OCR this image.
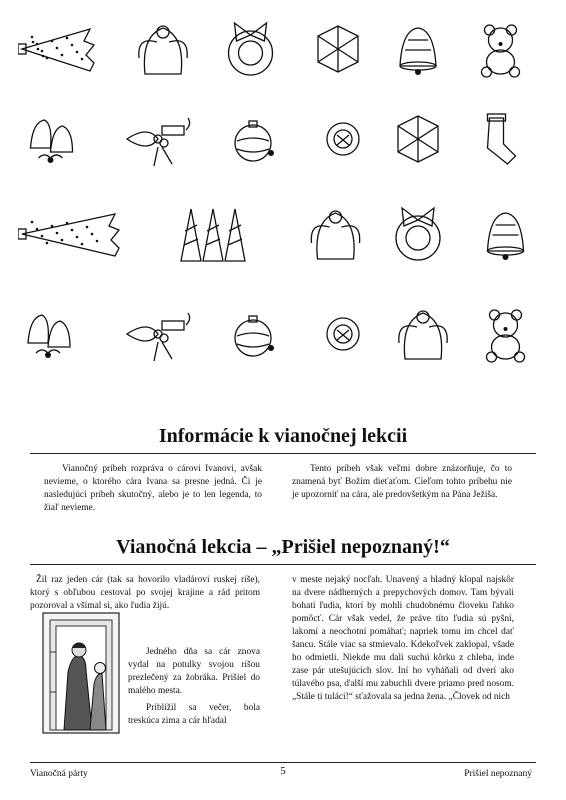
Informácie k vianočnej lekcii

Vianočný príbeh rozpráva o cárovi Ivanovi, avšak nevieme, o ktorého cára Ivana sa presne jedná. Či je nasledujúci príbeh skutočný, alebo je to len legenda, to žiaľ nevieme.

Tento príbeh však veľmi dobre znázorňuje, čo to znamená byť Božím dieťaťom. Cieľom tohto príbehu nie je upozorniť na cára, ale predovšetkým na Pána Ježiša.

Vianočná lekcia – „Prišiel nepoznaný!“

Žil raz jeden cár (tak sa hovorilo vladárovi ruskej ríše), ktorý s obľubou cestoval po svojej krajine a rád pritom pozoroval a všímal si, ako ľudia žijú.

Jedného dňa sa cár znova vydal na potulky svojou ríšou prezlečený za žobráka. Prišiel do malého mesta.

Priblížil sa večer, bola treskúca zima a cár hľadal

v meste nejaký nocľah. Unavený a hladný klopal najskôr na dvere nádherných a prepychových domov. Tam bývali bohatí ľudia, ktorí by mohli chudobnému človeku ľahko pomôcť. Cár však vedel, že práve títo ľudia sú pyšní, lakomí a neochotní pomáhať; napriek tomu im chcel dať šancu. Stále viac sa stmievalo. Kdekoľvek zaklopal, všade ho odmietli. Niekde mu dali suchú kôrku z chleba, inde zase pár utešujúcich slov. Iní ho vyháňali od dverí ako túlavého psa, ďalší mu zabuchli dvere priamo pred nosom. „Stále tí tuláci!“ sťažovala sa jedna žena. „Človek od nich

Vianočná párty	5	Prišiel nepoznaný
